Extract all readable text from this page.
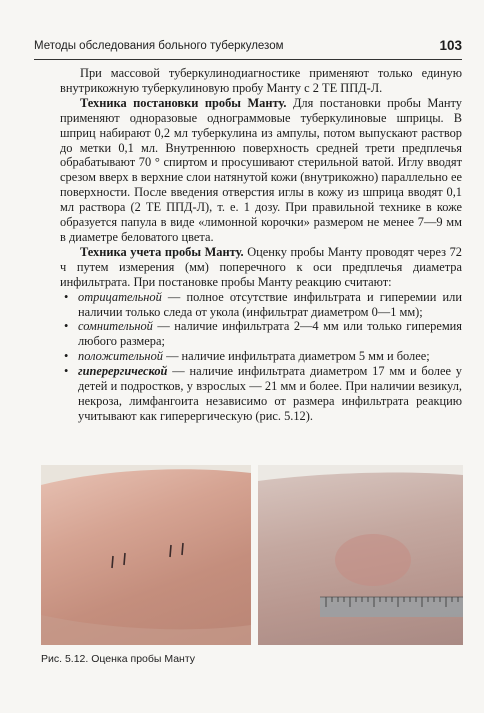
Методы обследования больного туберкулезом	103

При массовой туберкулинодиагностике применяют только единую внутрикожную туберкулиновую пробу Манту с 2 ТЕ ППД-Л.

Техника постановки пробы Манту. Для постановки пробы Манту применяют одноразовые однограммовые туберкулиновые шприцы. В шприц набирают 0,2 мл туберкулина из ампулы, потом выпускают раствор до метки 0,1 мл. Внутреннюю поверхность средней трети предплечья обрабатывают 70 ° спиртом и просушивают стерильной ватой. Иглу вводят срезом вверх в верхние слои натянутой кожи (внутрикожно) параллельно ее поверхности. После введения отверстия иглы в кожу из шприца вводят 0,1 мл раствора (2 ТЕ ППД-Л), т. е. 1 дозу. При правильной технике в коже образуется папула в виде «лимонной корочки» размером не менее 7—9 мм в диаметре беловатого цвета.

Техника учета пробы Манту. Оценку пробы Манту проводят через 72 ч путем измерения (мм) поперечного к оси предплечья диаметра инфильтрата. При постановке пробы Манту реакцию считают:

• отрицательной — полное отсутствие инфильтрата и гиперемии или наличии только следа от укола (инфильтрат диаметром 0—1 мм);
• сомнительной — наличие инфильтрата 2—4 мм или только гиперемия любого размера;
• положительной — наличие инфильтрата диаметром 5 мм и более;
• гиперергической — наличие инфильтрата диаметром 17 мм и более у детей и подростков, у взрослых — 21 мм и более. При наличии везикул, некроза, лимфангоита независимо от размера инфильтрата реакцию учитывают как гиперергическую (рис. 5.12).
Рис. 5.12. Оценка пробы Манту
